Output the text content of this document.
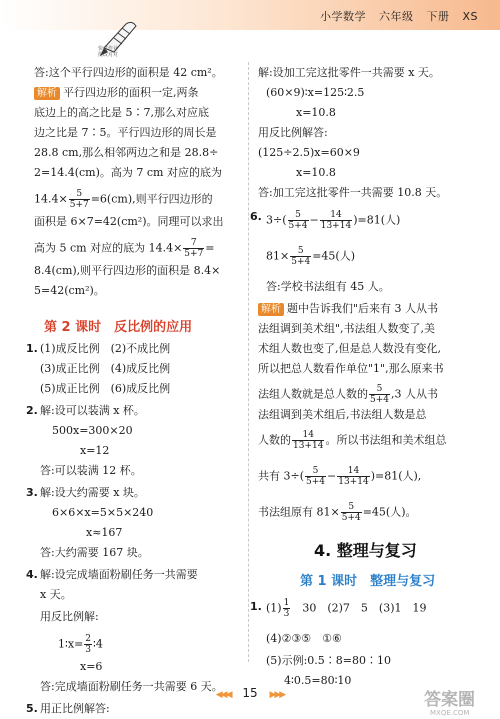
小学数学 六年级 下册 XS
快对作业
批改对对
答:这个平行四边形的面积是 42 cm²。
解析 平行四边形的面积一定,两条
底边上的高之比是 5∶7,那么对应底
边之比是 7∶5。平行四边形的周长是
28.8 cm,那么相邻两边之和是 28.8÷
2=14.4(cm)。高为 7 cm 对应的底为
$14.4\times \frac{5}{5+7} =6(cm)$,则平行四边形的
面积是 6×7=42(cm²)。同理可以求出
高为 5 cm 对应的底为 $14.4\times \frac{7}{5+7}$ =
8.4(cm),则平行四边形的面积是 8.4×
5=42(cm²)。
第 2 课时　反比例的应用
1. (1)成反比例　(2)不成比例
(3)成正比例　(4)成反比例
(5)成正比例　(6)成反比例
2. 解:设可以装满 x 杯。
500x=300×20
x=12
答:可以装满 12 杯。
3. 解:设大约需要 x 块。
6×6×x=5×5×240
x≈167
答:大约需要 167 块。
4. 解:设完成墙面粉刷任务一共需要
x 天。
用反比例解:
1∶x= $\frac{2}{3}$ ∶4
x=6
答:完成墙面粉刷任务一共需要 6 天。
5. 用正比例解答:
解:设加工完这批零件一共需要 x 天。
(60×9)∶x=125∶2.5
x=10.8
用反比例解答:
(125÷2.5)x=60×9
x=10.8
答:加工完这批零件一共需要 10.8 天。
6. $3\div( \frac{5}{5+4} - \frac{14}{13+14} )=81$(人)
$81\times \frac{5}{5+4} =45$(人)
答:学校书法组有 45 人。
解析 题中告诉我们"后来有 3 人从书
法组调到美术组",书法组人数变了,美
术组人数也变了,但是总人数没有变化,
所以把总人数看作单位"1",那么原来书
法组人数就是总人数的 $\frac{5}{5+4} ,3$ 人从书
法组调到美术组后,书法组人数是总
人数的 $\frac{14}{13+14}$ 。所以书法组和美术组总
共有 $3\div( \frac{5}{5+4} - \frac{14}{13+14} )=81$(人),
书法组原有 $81\times \frac{5}{5+4} =45$(人)。
4. 整理与复习
第 1 课时　整理与复习
1. $(1) \frac{1}{3}$ 　30　(2)7　5　(3)1　19
(4)②③⑤　①⑥
(5)示例:0.5∶8=80∶10
4∶0.5=80∶10
◀◀◀ 15 ▶▶▶	答案圈
MXQE.COM
